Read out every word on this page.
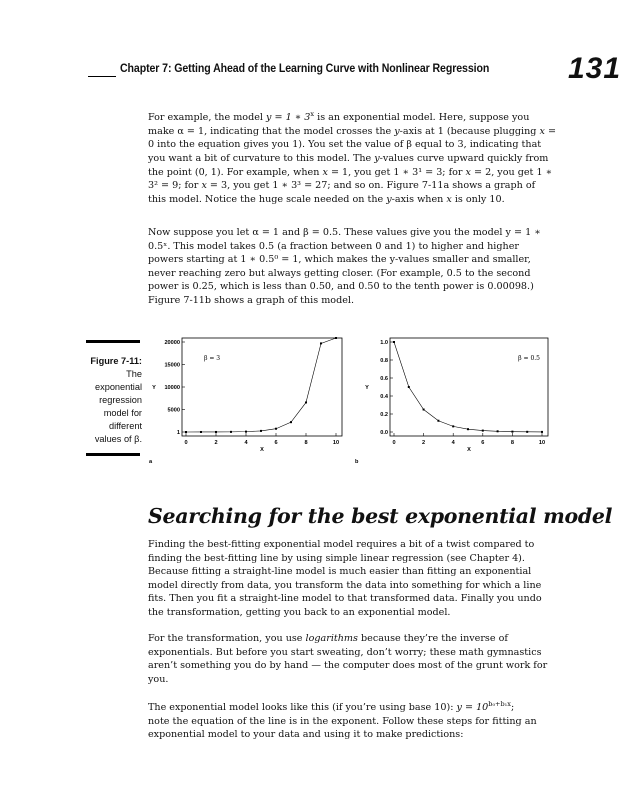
Chapter 7: Getting Ahead of the Learning Curve with Nonlinear Regression	131

For example, the model y = 1 ∗ 3$^x$ is an exponential model. Here, suppose you make α = 1, indicating that the model crosses the y-axis at 1 (because plugging x = 0 into the equation gives you 1). You set the value of β equal to 3, indicating that you want a bit of curvature to this model. The y-values curve upward quickly from the point (0, 1). For example, when x = 1, you get 1 ∗ 3¹ = 3; for x = 2, you get 1 ∗ 3² = 9; for x = 3, you get 1 ∗ 3³ = 27; and so on. Figure 7-11a shows a graph of this model. Notice the huge scale needed on the y-axis when x is only 10.

Now suppose you let α = 1 and β = 0.5. These values give you the model y = 1 ∗ 0.5ˣ. This model takes 0.5 (a fraction between 0 and 1) to higher and higher powers starting at 1 ∗ 0.5⁰ = 1, which makes the y-values smaller and smaller, never reaching zero but always getting closer. (For example, 0.5 to the second power is 0.25, which is less than 0.50, and 0.50 to the tenth power is 0.00098.) Figure 7-11b shows a graph of this model.

Figure 7-11:
The exponential regression model for different values of β.	0	2	4	6	8	10
1
5000
10000
15000
20000
X
Y
β = 3
a
0	2	4	6	8	10
0.0
0.2
0.4
0.6
0.8
1.0
X
Y
β = 0.5
b
Searching for the best exponential model

Finding the best-fitting exponential model requires a bit of a twist compared to finding the best-fitting line by using simple linear regression (see Chapter 4). Because fitting a straight-line model is much easier than fitting an exponential model directly from data, you transform the data into something for which a line fits. Then you fit a straight-line model to that transformed data. Finally you undo the transformation, getting you back to an exponential model.

For the transformation, you use logarithms because they’re the inverse of exponentials. But before you start sweating, don’t worry; these math gymnastics aren’t something you do by hand — the computer does most of the grunt work for you.

The exponential model looks like this (if you’re using base 10): $y = 10^{b_0+b_1x}$;
note the equation of the line is in the exponent. Follow these steps for fitting an exponential model to your data and using it to make predictions:
